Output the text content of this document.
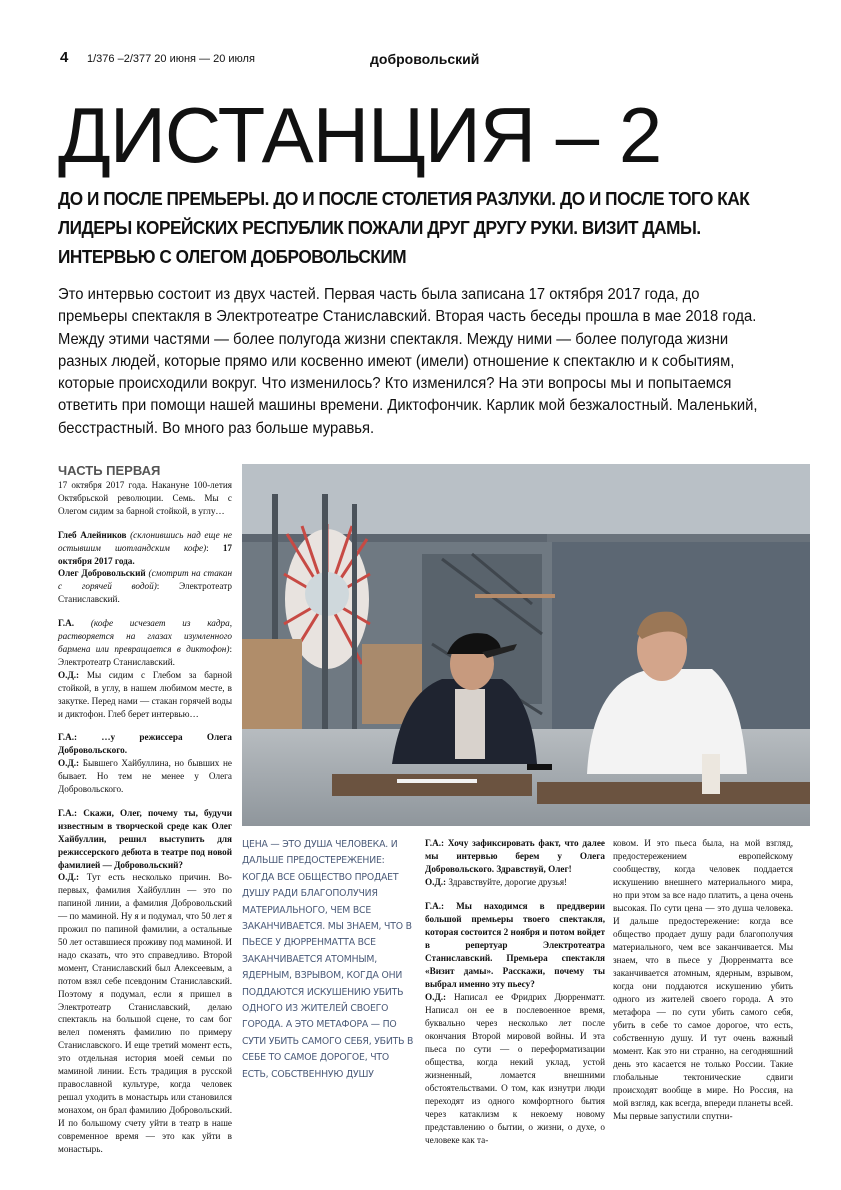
4 1/376 –2/377 20 июня — 20 июля	добровольский
ДИСТАНЦИЯ – 2
ДО И ПОСЛЕ ПРЕМЬЕРЫ. ДО И ПОСЛЕ СТОЛЕТИЯ РАЗЛУКИ. ДО И ПОСЛЕ ТОГО КАК ЛИДЕРЫ КОРЕЙСКИХ РЕСПУБЛИК ПОЖАЛИ ДРУГ ДРУГУ РУКИ. ВИЗИТ ДАМЫ. ИНТЕРВЬЮ С ОЛЕГОМ ДОБРОВОЛЬСКИМ

Это интервью состоит из двух частей. Первая часть была записана 17 октября 2017 года, до премьеры спектакля в Электротеатре Станиславский. Вторая часть беседы прошла в мае 2018 года. Между этими частями — более полугода жизни спектакля. Между ними — более полугода жизни разных людей, которые прямо или косвенно имеют (имели) отношение к спектаклю и к событиям, которые происходили вокруг. Что изменилось? Кто изменился? На эти вопросы мы и попытаемся ответить при помощи нашей машины времени. Диктофончик. Карлик мой безжалостный. Маленький, бесстрастный. Во много раз больше муравья.

ЧАСТЬ ПЕРВАЯ

17 октября 2017 года. Накануне 100-летия Октябрьской революции. Семь. Мы с Олегом сидим за барной стойкой, в углу…

Глеб Алейников (склонившись над еще не остывшим шотландским кофе): 17 октября 2017 года.

Олег Добровольский (смотрит на стакан с горячей водой): Электротеатр Станиславский.

Г.А. (кофе исчезает из кадра, растворяется на глазах изумленного бармена или превращается в диктофон): Электротеатр Станиславский.

О.Д.: Мы сидим с Глебом за барной стойкой, в углу, в нашем любимом месте, в закутке. Перед нами — стакан горячей воды и диктофон. Глеб берет интервью…

Г.А.: …у режиссера Олега Добровольского.

О.Д.: Бывшего Хайбуллина, но бывших не бывает. Но тем не менее у Олега Добровольского.

Г.А.: Скажи, Олег, почему ты, будучи известным в творческой среде как Олег Хайбуллин, решил выступить для режиссерского дебюта в театре под новой фамилией — Добровольский?

О.Д.: Тут есть несколько причин. Во-первых, фамилия Хайбуллин — это по папиной линии, а фамилия Добровольский — по маминой. Ну я и подумал, что 50 лет я прожил по папиной фамилии, а остальные 50 лет оставшиеся проживу под маминой. И надо сказать, что это справедливо. Второй момент, Станиславский был Алексеевым, а потом взял себе псевдоним Станиславский. Поэтому я подумал, если я пришел в Электротеатр Станиславский, делаю спектакль на большой сцене, то сам бог велел поменять фамилию по примеру Станиславского. И еще третий момент есть, это отдельная история моей семьи по маминой линии. Есть традиция в русской православной культуре, когда человек решал уходить в монастырь или становился монахом, он брал фамилию Добровольский. И по большому счету уйти в театр в наше современное время — это как уйти в монастырь.

ЦЕНА — ЭТО ДУША ЧЕЛОВЕКА. И ДАЛЬШЕ ПРЕДОСТЕРЕЖЕНИЕ: КОГДА ВСЕ ОБЩЕСТВО ПРОДАЕТ ДУШУ РАДИ БЛАГОПОЛУЧИЯ МАТЕРИАЛЬНОГО, ЧЕМ ВСЕ ЗАКАНЧИВАЕТСЯ. МЫ ЗНАЕМ, ЧТО В ПЬЕСЕ У ДЮРРЕНМАТТА ВСЕ ЗАКАНЧИВАЕТСЯ АТОМНЫМ, ЯДЕРНЫМ, ВЗРЫВОМ, КОГДА ОНИ ПОДДАЮТСЯ ИСКУШЕНИЮ УБИТЬ ОДНОГО ИЗ ЖИТЕЛЕЙ СВОЕГО ГОРОДА. А ЭТО МЕТАФОРА — ПО СУТИ УБИТЬ САМОГО СЕБЯ, УБИТЬ В СЕБЕ ТО САМОЕ ДОРОГОЕ, ЧТО ЕСТЬ, СОБСТВЕННУЮ ДУШУ

Г.А.: Хочу зафиксировать факт, что далее мы интервью берем у Олега Добровольского. Здравствуй, Олег!

О.Д.: Здравствуйте, дорогие друзья!

Г.А.: Мы находимся в преддверии большой премьеры твоего спектакля, которая состоится 2 ноября и потом войдет в репертуар Электротеатра Станиславский. Премьера спектакля «Визит дамы». Расскажи, почему ты выбрал именно эту пьесу?

О.Д.: Написал ее Фридрих Дюрренматт. Написал он ее в послевоенное время, буквально через несколько лет после окончания Второй мировой войны. И эта пьеса по сути — о переформатизации общества, когда некий уклад, устой жизненный, ломается внешними обстоятельствами. О том, как изнутри люди переходят из одного комфортного бытия через катаклизм к некоему новому представлению о бытии, о жизни, о духе, о человеке как та-

ковом. И это пьеса была, на мой взгляд, предостережением европейскому сообществу, когда человек поддается искушению внешнего материального мира, но при этом за все надо платить, а цена очень высокая. По сути цена — это душа человека. И дальше предостережение: когда все общество продает душу ради благополучия материального, чем все заканчивается. Мы знаем, что в пьесе у Дюрренматта все заканчивается атомным, ядерным, взрывом, когда они поддаются искушению убить одного из жителей своего города. А это метафора — по сути убить самого себя, убить в себе то самое дорогое, что есть, собственную душу. И тут очень важный момент. Как это ни странно, на сегодняшний день это касается не только России. Такие глобальные тектонические сдвиги происходят вообще в мире. Но Россия, на мой взгляд, как всегда, впереди планеты всей. Мы первые запустили спутни-
